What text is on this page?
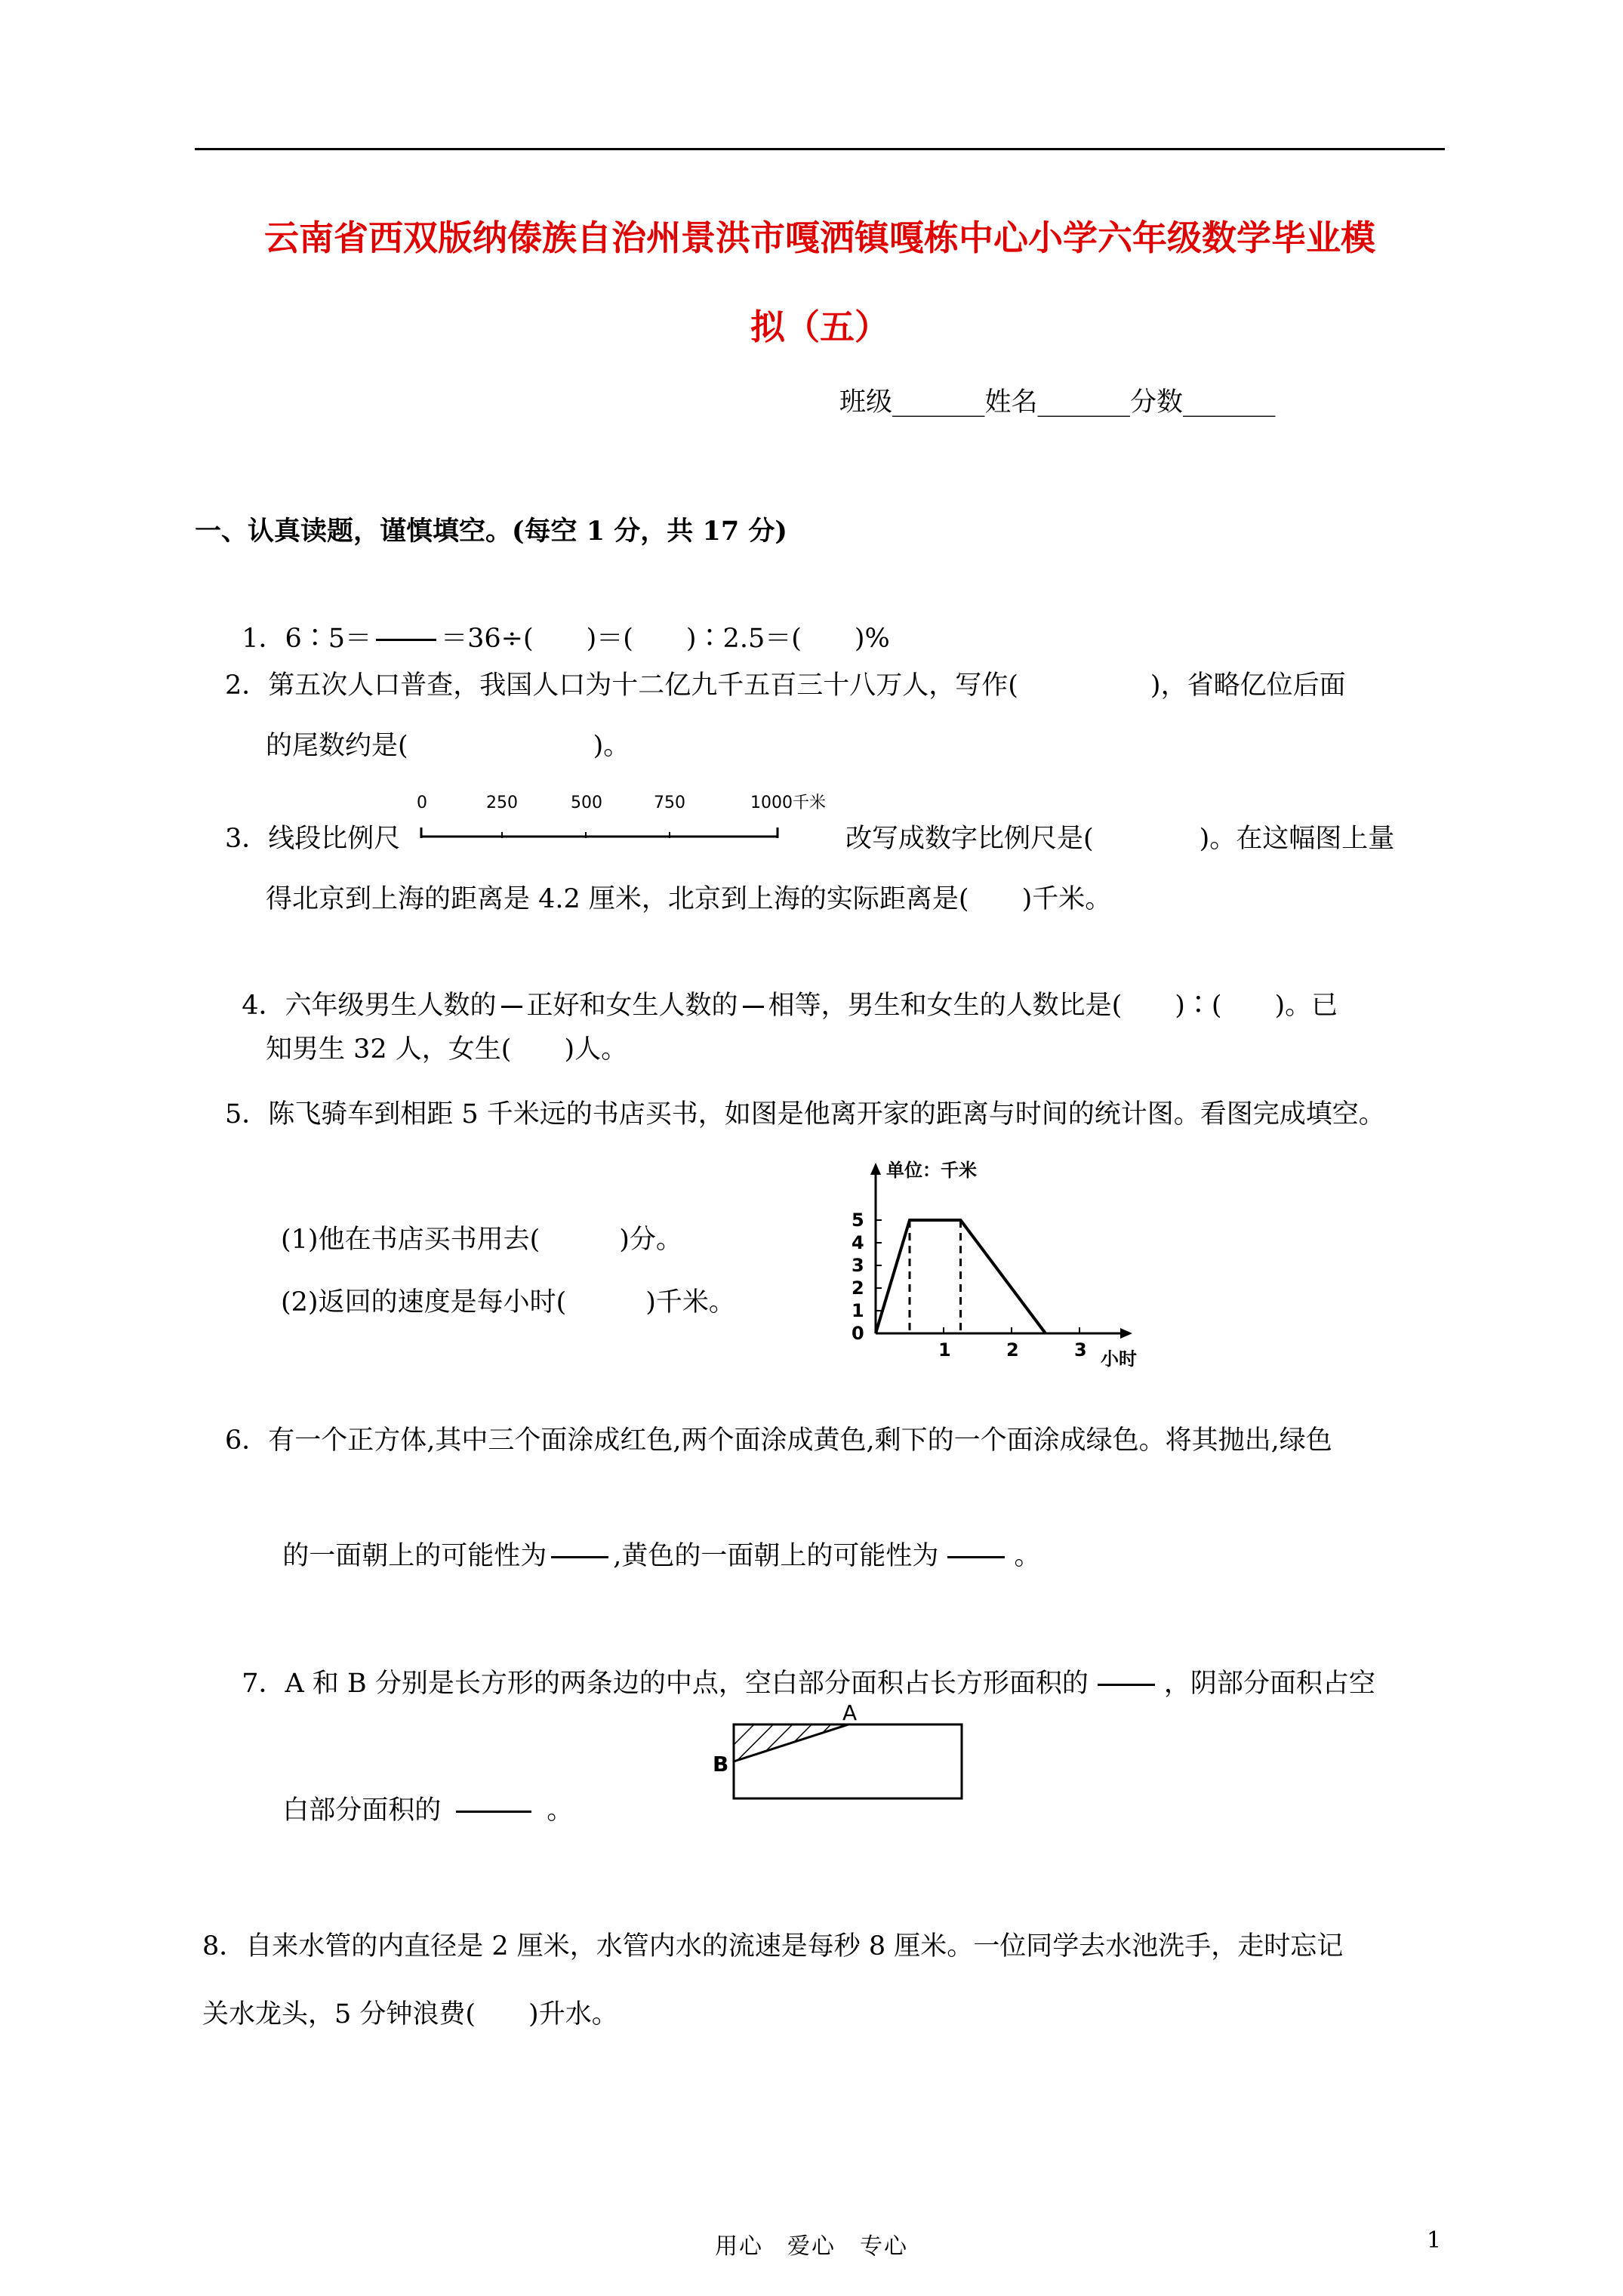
云南省西双版纳傣族自治州景洪市嘎洒镇嘎栋中心小学六年级数学毕业模
拟（五）
班级_______姓名_______分数_______
一、认真读题，谨慎填空。(每空 1 分，共 17 分)

1．6∶5＝	＝36÷(　　)＝(　　)∶2.5＝(　　)%

2．第五次人口普查，我国人口为十二亿九千五百三十八万人，写作(　　　　　)，省略亿位后面
的尾数约是(　　　　　　　)。
3．线段比例尺
0	250	500	750	1000千米
改写成数字比例尺是(　　　　)。在这幅图上量
得北京到上海的距离是 4.2 厘米，北京到上海的实际距离是(　　)千米。

4．六年级男生人数的 正好和女生人数的 相等，男生和女生的人数比是(　　)∶(　　)。已

知男生 32 人，女生(　　)人。
5．陈飞骑车到相距 5 千米远的书店买书，如图是他离开家的距离与时间的统计图。看图完成填空。
(1)他在书店买书用去(　　　)分。
(2)返回的速度是每小时(　　　)千米。
单位：千米
小时
0
1
2
3
4
5
1	2	3
6．有一个正方体,其中三个面涂成红色,两个面涂成黄色,剩下的一个面涂成绿色。将其抛出,绿色

的一面朝上的可能性为	,黄色的一面朝上的可能性为	。

7．A 和 B 分别是长方形的两条边的中点，空白部分面积占长方形面积的	，阴部分面积占空

白部分面积的	。

A
B
8．自来水管的内直径是 2 厘米，水管内水的流速是每秒 8 厘米。一位同学去水池洗手，走时忘记
关水龙头，5 分钟浪费(　　)升水。
用心　爱心　专心	1
